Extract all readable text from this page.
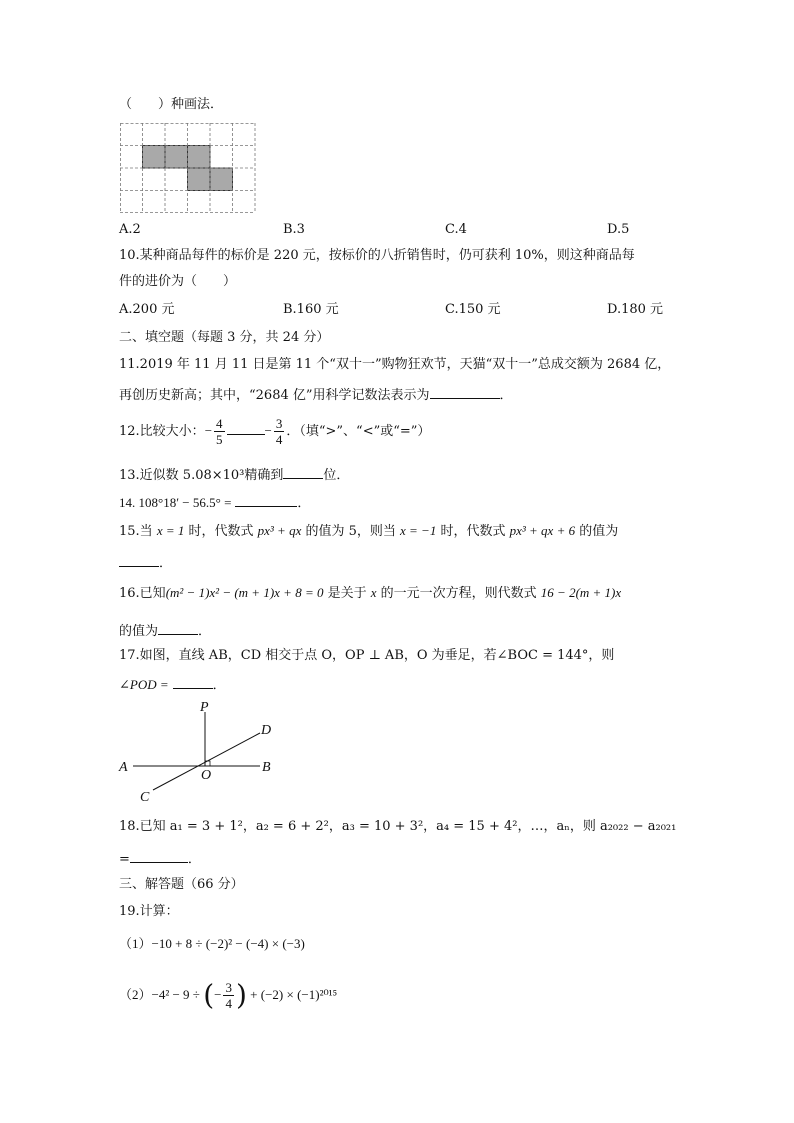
（　　）种画法．
A.2	B.3	C.4	D.5
10.某种商品每件的标价是 220 元，按标价的八折销售时，仍可获利 10%，则这种商品每
件的进价为（　　）
A.200 元	B.160 元	C.150 元	D.180 元
二、填空题（每题 3 分，共 24 分）
11.2019 年 11 月 11 日是第 11 个“双十一”购物狂欢节，天猫“双十一”总成交额为 2684 亿，
再创历史新高；其中，“2684 亿”用科学记数法表示为	．
12.比较大小：− $\frac{4}{5}$	− $\frac{3}{4}$ ．（填“>”、“<”或“=”）
13.近似数 5.08×10³精确到	位．
14. 108°18′ − 56.5° =	．
15.当 x = 1 时，代数式 px³ + qx 的值为 5，则当 x = −1 时，代数式 px³ + qx + 6 的值为
．
16.已知(m² − 1)x² − (m + 1)x + 8 = 0 是关于 x 的一元一次方程，则代数式 16 − 2(m + 1)x
的值为	．
17.如图，直线 AB，CD 相交于点 O，OP ⊥ AB，O 为垂足，若∠BOC = 144°，则
∠POD =	．
P
D
A
O
B
C
18.已知 a₁ = 3 + 1²，a₂ = 6 + 2²，a₃ = 10 + 3²，a₄ = 15 + 4²，…，aₙ，则 a₂₀₂₂ − a₂₀₂₁
=	．
三、解答题（66 分）
19.计算：
（1）−10 + 8 ÷ (−2)² − (−4) × (−3)
（2）−4² − 9 ÷ (− $\frac{3}{4}$ ) + (−2) × (−1)²⁰¹⁵
